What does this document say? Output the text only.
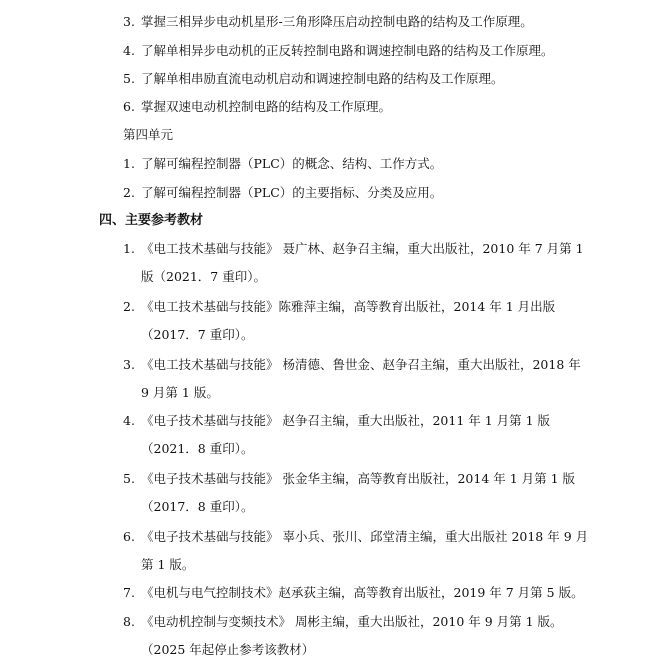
3. 掌握三相异步电动机星形-三角形降压启动控制电路的结构及工作原理。
4. 了解单相异步电动机的正反转控制电路和调速控制电路的结构及工作原理。
5. 了解单相串励直流电动机启动和调速控制电路的结构及工作原理。
6. 掌握双速电动机控制电路的结构及工作原理。
第四单元
1. 了解可编程控制器（PLC）的概念、结构、工作方式。
2. 了解可编程控制器（PLC）的主要指标、分类及应用。
四、主要参考教材
1. 《电工技术基础与技能》 聂广林、赵争召主编，重大出版社，2010 年 7 月第 1
版（2021．7 重印）。
2. 《电工技术基础与技能》陈雅萍主编，高等教育出版社，2014 年 1 月出版
（2017．7 重印）。
3. 《电工技术基础与技能》 杨清德、鲁世金、赵争召主编，重大出版社，2018 年
9 月第 1 版。
4. 《电子技术基础与技能》 赵争召主编，重大出版社，2011 年 1 月第 1 版
（2021．8 重印）。
5. 《电子技术基础与技能》 张金华主编，高等教育出版社，2014 年 1 月第 1 版
（2017．8 重印）。
6. 《电子技术基础与技能》 辜小兵、张川、邱堂清主编，重大出版社 2018 年 9 月
第 1 版。
7. 《电机与电气控制技术》赵承荻主编，高等教育出版社，2019 年 7 月第 5 版。
8. 《电动机控制与变频技术》 周彬主编，重大出版社，2010 年 9 月第 1 版。
（2025 年起停止参考该教材）
